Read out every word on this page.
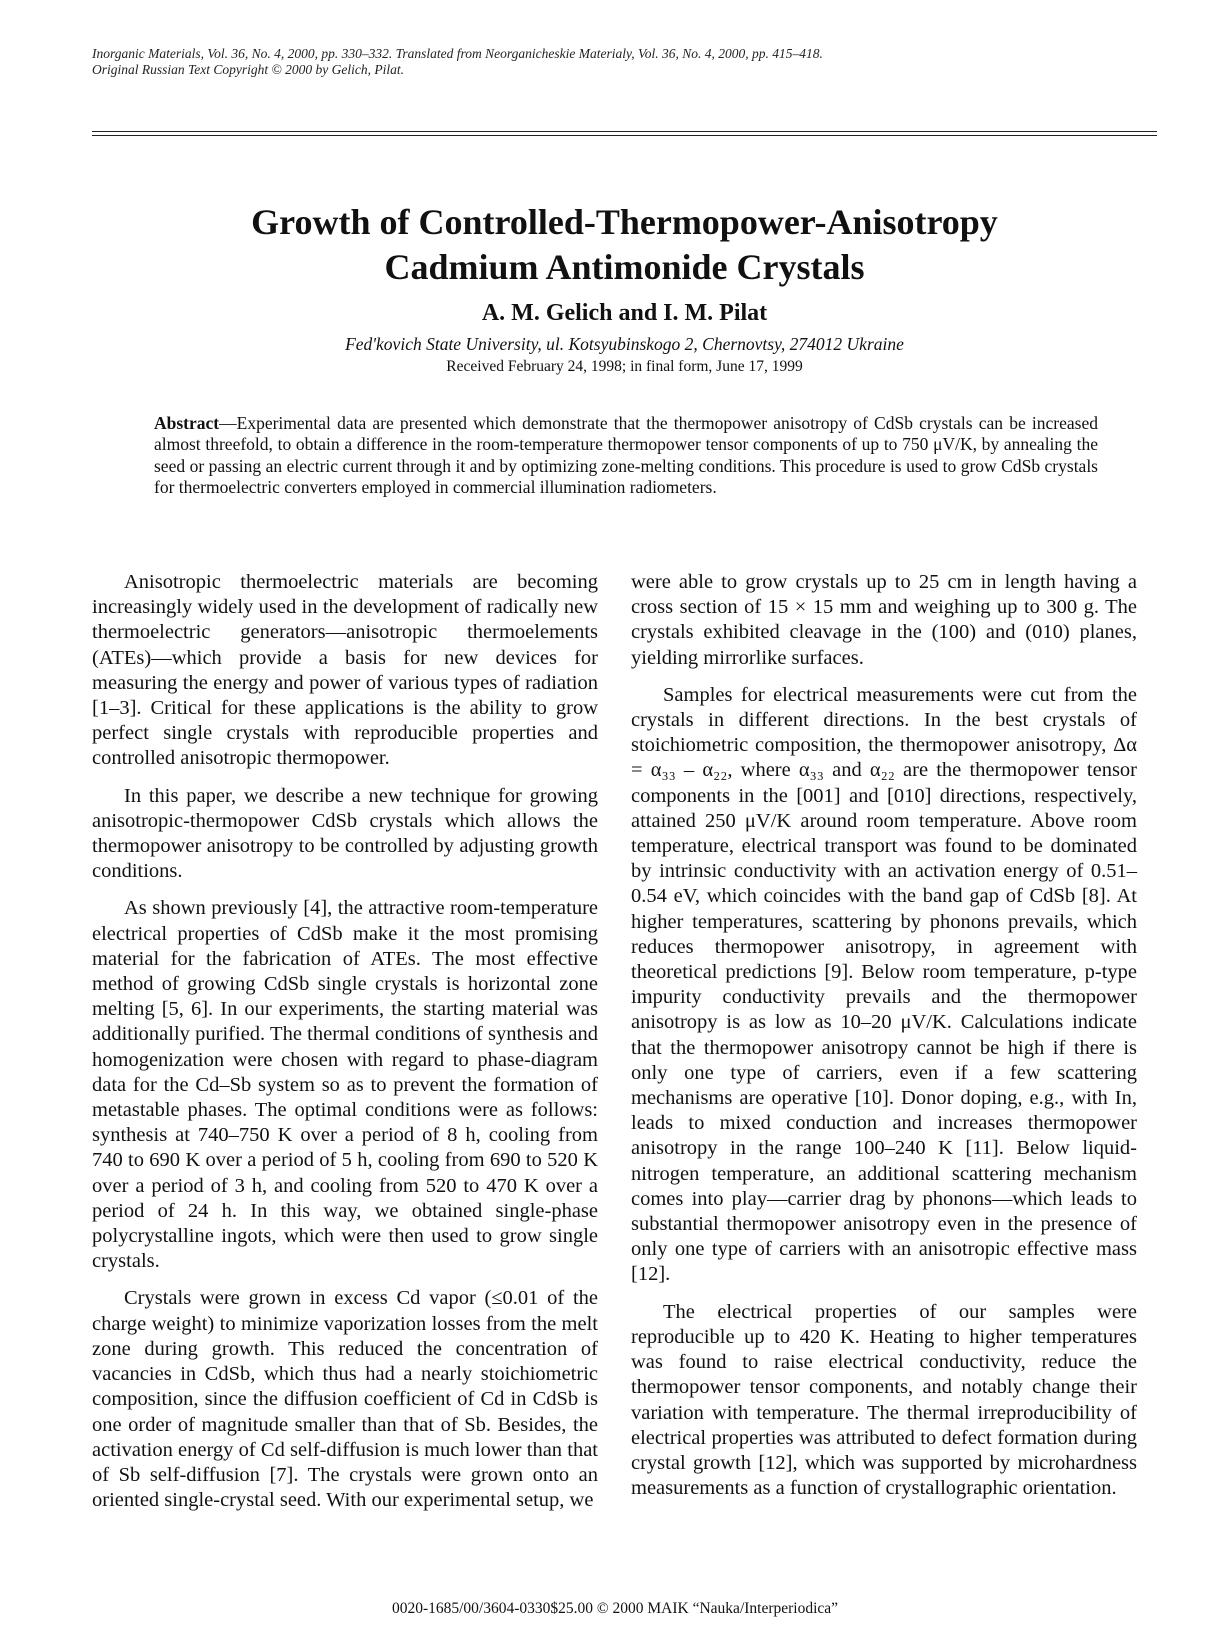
Inorganic Materials, Vol. 36, No. 4, 2000, pp. 330–332. Translated from Neorganicheskie Materialy, Vol. 36, No. 4, 2000, pp. 415–418.
Original Russian Text Copyright © 2000 by Gelich, Pilat.
Growth of Controlled-Thermopower-Anisotropy
Cadmium Antimonide Crystals
A. M. Gelich and I. M. Pilat
Fed'kovich State University, ul. Kotsyubinskogo 2, Chernovtsy, 274012 Ukraine
Received February 24, 1998; in final form, June 17, 1999
Abstract—Experimental data are presented which demonstrate that the thermopower anisotropy of CdSb crystals can be increased almost threefold, to obtain a difference in the room-temperature thermopower tensor components of up to 750 μV/K, by annealing the seed or passing an electric current through it and by optimizing zone-melting conditions. This procedure is used to grow CdSb crystals for thermoelectric converters employed in commercial illumination radiometers.

Anisotropic thermoelectric materials are becoming increasingly widely used in the development of radically new thermoelectric generators—anisotropic thermoelements (ATEs)—which provide a basis for new devices for measuring the energy and power of various types of radiation [1–3]. Critical for these applications is the ability to grow perfect single crystals with reproducible properties and controlled anisotropic thermopower.

In this paper, we describe a new technique for growing anisotropic-thermopower CdSb crystals which allows the thermopower anisotropy to be controlled by adjusting growth conditions.

As shown previously [4], the attractive room-temperature electrical properties of CdSb make it the most promising material for the fabrication of ATEs. The most effective method of growing CdSb single crystals is horizontal zone melting [5, 6]. In our experiments, the starting material was additionally purified. The thermal conditions of synthesis and homogenization were chosen with regard to phase-diagram data for the Cd–Sb system so as to prevent the formation of metastable phases. The optimal conditions were as follows: synthesis at 740–750 K over a period of 8 h, cooling from 740 to 690 K over a period of 5 h, cooling from 690 to 520 K over a period of 3 h, and cooling from 520 to 470 K over a period of 24 h. In this way, we obtained single-phase polycrystalline ingots, which were then used to grow single crystals.

Crystals were grown in excess Cd vapor (≤0.01 of the charge weight) to minimize vaporization losses from the melt zone during growth. This reduced the concentration of vacancies in CdSb, which thus had a nearly stoichiometric composition, since the diffusion coefficient of Cd in CdSb is one order of magnitude smaller than that of Sb. Besides, the activation energy of Cd self-diffusion is much lower than that of Sb self-diffusion [7]. The crystals were grown onto an oriented single-crystal seed. With our experimental setup, we

were able to grow crystals up to 25 cm in length having a cross section of 15 × 15 mm and weighing up to 300 g. The crystals exhibited cleavage in the (100) and (010) planes, yielding mirrorlike surfaces.

Samples for electrical measurements were cut from the crystals in different directions. In the best crystals of stoichiometric composition, the thermopower anisotropy, Δα = α₃₃ – α₂₂, where α₃₃ and α₂₂ are the thermopower tensor components in the [001] and [010] directions, respectively, attained 250 μV/K around room temperature. Above room temperature, electrical transport was found to be dominated by intrinsic conductivity with an activation energy of 0.51–0.54 eV, which coincides with the band gap of CdSb [8]. At higher temperatures, scattering by phonons prevails, which reduces thermopower anisotropy, in agreement with theoretical predictions [9]. Below room temperature, p-type impurity conductivity prevails and the thermopower anisotropy is as low as 10–20 μV/K. Calculations indicate that the thermopower anisotropy cannot be high if there is only one type of carriers, even if a few scattering mechanisms are operative [10]. Donor doping, e.g., with In, leads to mixed conduction and increases thermopower anisotropy in the range 100–240 K [11]. Below liquid-nitrogen temperature, an additional scattering mechanism comes into play—carrier drag by phonons—which leads to substantial thermopower anisotropy even in the presence of only one type of carriers with an anisotropic effective mass [12].

The electrical properties of our samples were reproducible up to 420 K. Heating to higher temperatures was found to raise electrical conductivity, reduce the thermopower tensor components, and notably change their variation with temperature. The thermal irreproducibility of electrical properties was attributed to defect formation during crystal growth [12], which was supported by microhardness measurements as a function of crystallographic orientation.

0020-1685/00/3604-0330$25.00 © 2000 MAIK “Nauka/Interperiodica”
